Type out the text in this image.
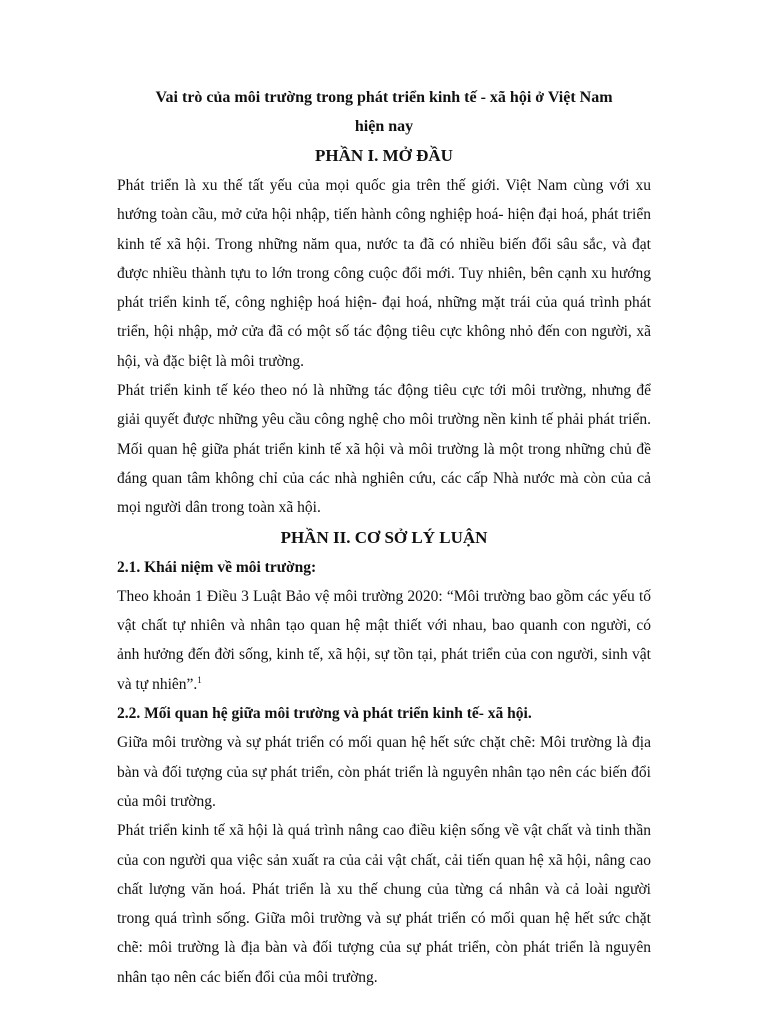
Vai trò của môi trường trong phát triển kinh tế - xã hội ở Việt Nam
hiện nay
PHẦN I. MỞ ĐẦU

Phát triển là xu thế tất yếu của mọi quốc gia trên thế giới. Việt Nam cùng với xu hướng toàn cầu, mở cửa hội nhập, tiến hành công nghiệp hoá- hiện đại hoá, phát triển kinh tế xã hội. Trong những năm qua, nước ta đã có nhiều biến đổi sâu sắc, và đạt được nhiều thành tựu to lớn trong công cuộc đổi mới. Tuy nhiên, bên cạnh xu hướng phát triển kinh tế, công nghiệp hoá hiện- đại hoá, những mặt trái của quá trình phát triển, hội nhập, mở cửa đã có một số tác động tiêu cực không nhỏ đến con người, xã hội, và đặc biệt là môi trường.

Phát triển kinh tế kéo theo nó là những tác động tiêu cực tới môi trường, nhưng để giải quyết được những yêu cầu công nghệ cho môi trường nền kinh tế phải phát triển. Mối quan hệ giữa phát triển kinh tế xã hội và môi trường là một trong những chủ đề đáng quan tâm không chỉ của các nhà nghiên cứu, các cấp Nhà nước mà còn của cả mọi người dân trong toàn xã hội.

PHẦN II. CƠ SỞ LÝ LUẬN
2.1. Khái niệm về môi trường:

Theo khoản 1 Điều 3 Luật Bảo vệ môi trường 2020: “Môi trường bao gồm các yếu tố vật chất tự nhiên và nhân tạo quan hệ mật thiết với nhau, bao quanh con người, có ảnh hưởng đến đời sống, kinh tế, xã hội, sự tồn tại, phát triển của con người, sinh vật và tự nhiên”.$^1$

2.2. Mối quan hệ giữa môi trường và phát triển kinh tế- xã hội.

Giữa môi trường và sự phát triển có mối quan hệ hết sức chặt chẽ: Môi trường là địa bàn và đối tượng của sự phát triển, còn phát triển là nguyên nhân tạo nên các biến đổi của môi trường.

Phát triển kinh tế xã hội là quá trình nâng cao điều kiện sống về vật chất và tinh thần của con người qua việc sản xuất ra của cải vật chất, cải tiến quan hệ xã hội, nâng cao chất lượng văn hoá. Phát triển là xu thế chung của từng cá nhân và cả loài người trong quá trình sống. Giữa môi trường và sự phát triển có mối quan hệ hết sức chặt chẽ: môi trường là địa bàn và đối tượng của sự phát triển, còn phát triển là nguyên nhân tạo nên các biến đổi của môi trường.
